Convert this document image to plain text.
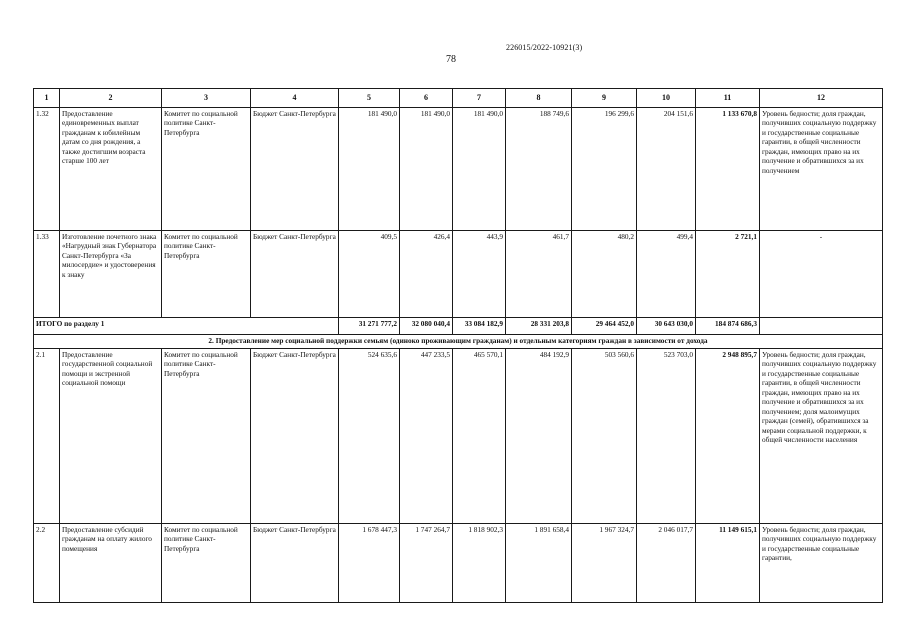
226015/2022-10921(3)
78
1	2	3	4	5	6	7	8	9	10	11	12
1.32	Предоставление единовременных выплат гражданам к юбилейным датам со дня рождения, а также достигшим возраста старше 100 лет	Комитет по социальной политике Санкт-Петербурга	Бюджет Санкт-Петербурга	181 490,0	181 490,0	181 490,0	188 749,6	196 299,6	204 151,6	1 133 670,8	Уровень бедности; доля граждан, получивших социальную поддержку и государственные социальные гарантии, в общей численности граждан, имеющих право на их получение и обратившихся за их получением
1.33	Изготовление почетного знака «Нагрудный знак Губернатора Санкт-Петербурга «За милосердие» и удостоверения к знаку	Комитет по социальной политике Санкт-Петербурга	Бюджет Санкт-Петербурга	409,5	426,4	443,9	461,7	480,2	499,4	2 721,1	-
ИТОГО по разделу 1				31 271 777,2	32 080 040,4	33 084 182,9	28 331 203,8	29 464 452,0	30 643 030,0	184 874 686,3	
2. Предоставление мер социальной поддержки семьям (одиноко проживающим гражданам) и отдельным категориям граждан в зависимости от дохода											
2.1	Предоставление государственной социальной помощи и экстренной социальной помощи	Комитет по социальной политике Санкт-Петербурга	Бюджет Санкт-Петербурга	524 635,6	447 233,5	465 570,1	484 192,9	503 560,6	523 703,0	2 948 895,7	Уровень бедности; доля граждан, получивших социальную поддержку и государственные социальные гарантии, в общей численности граждан, имеющих право на их получение и обратившихся за их получением; доля малоимущих граждан (семей), обратившихся за мерами социальной поддержки, к общей численности населения
2.2	Предоставление субсидий гражданам на оплату жилого помещения	Комитет по социальной политике Санкт-Петербурга	Бюджет Санкт-Петербурга	1 678 447,3	1 747 264,7	1 818 902,3	1 891 658,4	1 967 324,7	2 046 017,7	11 149 615,1	Уровень бедности; доля граждан, получивших социальную поддержку и государственные социальные гарантии,
